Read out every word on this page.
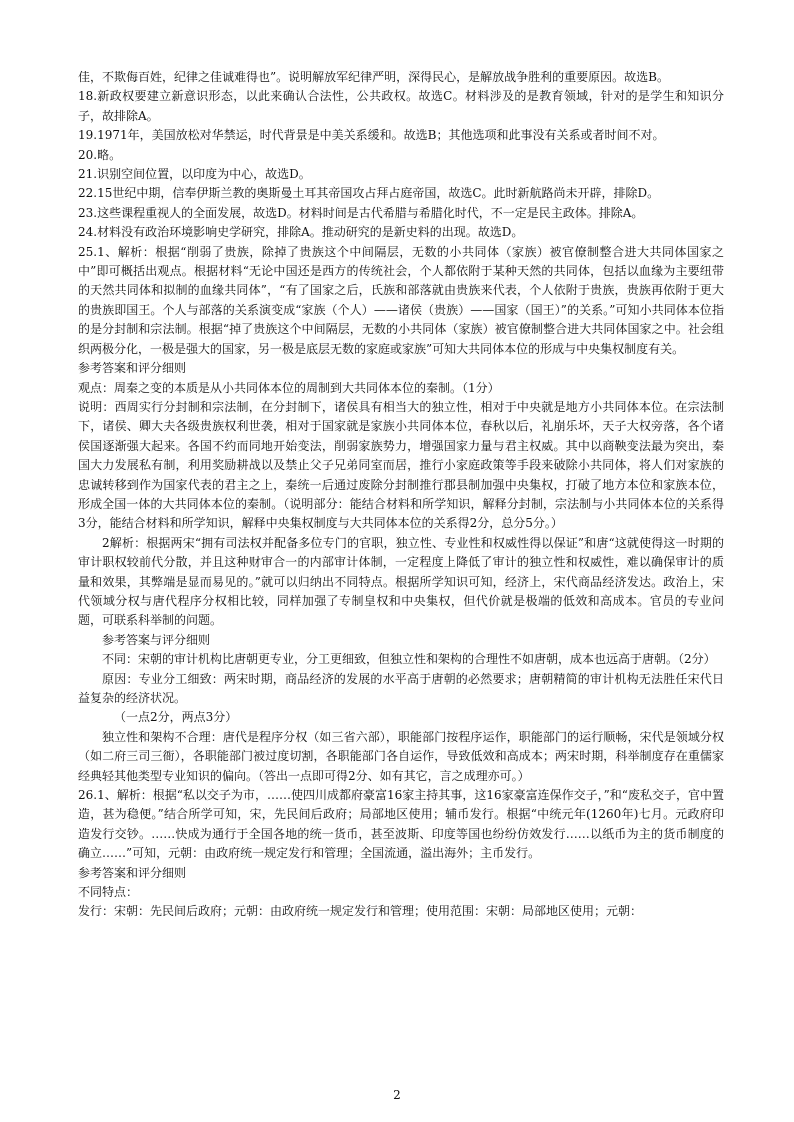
佳，不欺侮百姓，纪律之佳诚难得也”。说明解放军纪律严明，深得民心，是解放战争胜利的重要原因。故选B。

18.新政权要建立新意识形态，以此来确认合法性，公共政权。故选C。材料涉及的是教育领域，针对的是学生和知识分子，故排除A。

19.1971年，美国放松对华禁运，时代背景是中美关系缓和。故选B；其他选项和此事没有关系或者时间不对。

20.略。

21.识别空间位置，以印度为中心，故选D。

22.15世纪中期，信奉伊斯兰教的奥斯曼土耳其帝国攻占拜占庭帝国，故选C。此时新航路尚未开辟，排除D。

23.这些课程重视人的全面发展，故选D。材料时间是古代希腊与希腊化时代，不一定是民主政体。排除A。

24.材料没有政治环境影响史学研究，排除A。推动研究的是新史料的出现。故选D。

25.1、解析：根据“削弱了贵族，除掉了贵族这个中间隔层，无数的小共同体（家族）被官僚制整合进大共同体国家之中”即可概括出观点。根据材料“无论中国还是西方的传统社会，个人都依附于某种天然的共同体，包括以血缘为主要纽带的天然共同体和拟制的血缘共同体”，“有了国家之后，氏族和部落就由贵族来代表，个人依附于贵族，贵族再依附于更大的贵族即国王。个人与部落的关系演变成“家族（个人）——诸侯（贵族）——国家（国王）”的关系。”可知小共同体本位指的是分封制和宗法制。根据“掉了贵族这个中间隔层，无数的小共同体（家族）被官僚制整合进大共同体国家之中。社会组织两极分化，一极是强大的国家，另一极是底层无数的家庭或家族”可知大共同体本位的形成与中央集权制度有关。

参考答案和评分细则

观点：周秦之变的本质是从小共同体本位的周制到大共同体本位的秦制。（1分）

说明：西周实行分封制和宗法制，在分封制下，诸侯具有相当大的独立性，相对于中央就是地方小共同体本位。在宗法制下，诸侯、卿大夫各级贵族权利世袭，相对于国家就是家族小共同体本位，春秋以后，礼崩乐坏，天子大权旁落，各个诸侯国逐渐强大起来。各国不约而同地开始变法，削弱家族势力，增强国家力量与君主权威。其中以商鞅变法最为突出，秦国大力发展私有制，利用奖励耕战以及禁止父子兄弟同室而居，推行小家庭政策等手段来破除小共同体，将人们对家族的忠诚转移到作为国家代表的君主之上，秦统一后通过废除分封制推行郡县制加强中央集权，打破了地方本位和家族本位，形成全国一体的大共同体本位的秦制。（说明部分：能结合材料和所学知识，解释分封制，宗法制与小共同体本位的关系得3分，能结合材料和所学知识，解释中央集权制度与大共同体本位的关系得2分，总分5分。）

2解析：根据两宋“拥有司法权并配备多位专门的官职，独立性、专业性和权威性得以保证”和唐“这就使得这一时期的审计职权较前代分散，并且这种财审合一的内部审计体制，一定程度上降低了审计的独立性和权威性，难以确保审计的质量和效果，其弊端是显而易见的。”就可以归纳出不同特点。根据所学知识可知，经济上，宋代商品经济发达。政治上，宋代领域分权与唐代程序分权相比较，同样加强了专制皇权和中央集权，但代价就是极端的低效和高成本。官员的专业问题，可联系科举制的问题。

参考答案与评分细则

不同：宋朝的审计机构比唐朝更专业，分工更细致，但独立性和架构的合理性不如唐朝，成本也远高于唐朝。（2分）

原因：专业分工细致：两宋时期，商品经济的发展的水平高于唐朝的必然要求；唐朝精简的审计机构无法胜任宋代日益复杂的经济状况。

（一点2分，两点3分）

独立性和架构不合理：唐代是程序分权（如三省六部），职能部门按程序运作，职能部门的运行顺畅，宋代是领域分权（如二府三司三衙），各职能部门被过度切割，各职能部门各自运作，导致低效和高成本；两宋时期，科举制度存在重儒家经典轻其他类型专业知识的偏向。（答出一点即可得2分、如有其它，言之成理亦可。）

26.1、解析：根据“私以交子为市，……使四川成都府豪富16家主持其事，这16家豪富连保作交子，”和“废私交子，官中置造，甚为稳便。”结合所学可知，宋，先民间后政府；局部地区使用；辅币发行。根据“中统元年(1260年)七月。元政府印造发行交钞。……快成为通行于全国各地的统一货币，甚至波斯、印度等国也纷纷仿效发行……以纸币为主的货币制度的确立……”可知，元朝：由政府统一规定发行和管理；全国流通，溢出海外；主币发行。

参考答案和评分细则

不同特点：

发行：宋朝：先民间后政府；元朝：由政府统一规定发行和管理；使用范围：宋朝：局部地区使用；元朝：

2
